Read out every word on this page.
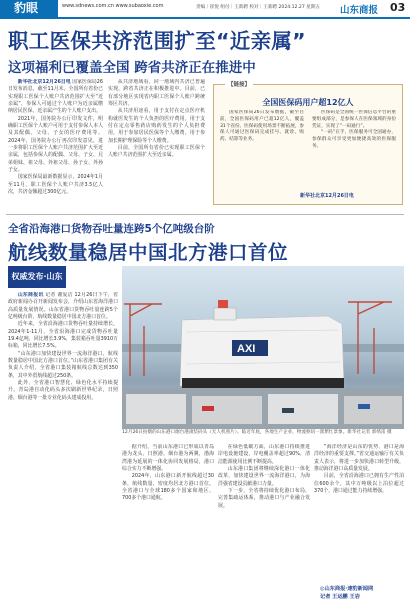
豹眼	www.sdnews.com.cn www.subaoxie.com	责编｜崔悦 组付｜王新聘 校对｜王新聘 2024.12.27 星期五 山东商报 03
职工医保共济范围扩至“近亲属”
这项福利已覆盖全国 跨省共济正在推进中

新华社北京12月26日电 国家医保局26日发布消息，截至11月末，全国所有省份已实现职工医保个人账户共济范围扩大至“近亲属”，参保人可通过个人账户为近亲属缴纳居民医保，近亲属产生的个人账户支出。

2021年，国务院办公厅印发文件，明确职工医保个人账户可用于支付参保人本人及其配偶、父母、子女的医疗费用等。2024年，国务院办公厅再次印发意见，进一步将职工医保个人账户共济范围扩大至近亲属，包括参保人的配偶、父母、子女、兄弟姐妹、祖父母、外祖父母、孙子女、外孙子女。

国家医保局最新数据显示，2024年1月至11月，职工医保个人账户共济3.5亿人次，共济金额超过300亿元。

从共济地域看，同一地域内共济已普遍实现，跨省共济正在积极推进中。目前，已有部分地区实现省内职工医保个人账户跨统筹区共济。

从共济用途看，用于支付在定点医疗机构就医发生的个人负担的医疗费用，用于支付在定点零售药店购药发生的个人负担费用，用于参加居民医保等个人缴费，用于参加长期护理保险等个人缴费。

目前，全国所有省份已实现职工医保个人账户共济范围扩大至近亲属。

【链接】
全国医保码用户超12亿人

国家医保局26日发布数据，截至目前，全国医保码用户已超12亿人，覆盖31个省份。医保码使用场景不断拓展，参保人可通过医保码完成挂号、就诊、购药、结算等业务。

医保码是全国统一医保信息平台的重要组成部分，是参保人在医保领域的身份凭证，实现了“一码通行”。

“一码”在手，医保服务可全国通办，参保群众可享受更加便捷高效的医保服务。

新华社北京12月26日电
全省沿海港口货物吞吐量连跨5个亿吨级台阶
航线数量稳居中国北方港口首位
权威发布·山东
AXI
12月26日拍摄的山东港口烟台港滚装码头（无人机照片）。临近年底，各地生产企业、物流枢纽一派繁忙景象。新华社记者 郭绪雷 摄

山东商报讯 记者 谢爱洁 12月26日下午，省政府新闻办召开新闻发布会，介绍山东省海洋港口高质量发展情况。山东省港口货物吞吐量连跨5个亿吨级台阶，航线数量稳居中国北方港口首位。

近年来，全省沿海港口货物吞吐量持续增长，2024年1-11月，全省沿海港口完成货物吞吐量19.4亿吨，同比增长3.9%，集装箱吞吐量3910万标箱，同比增长7.5%。

“山东港口加快建设世界一流海洋港口，航线数量稳居中国北方港口首位。”山东省港口集团有关负责人介绍，全省港口集装箱航线总数达到350条，其中外贸航线超过250条。

此外，全省港口智慧化、绿色化水平持续提升。青岛港自动化码头多次刷新世界纪录，日照港、烟台港等一批专业化码头建成投用。

据介绍，当前山东港口已形成以青岛港为龙头，日照港、烟台港为两翼，渤海湾港为延展的一体化协同发展格局，港口综合实力不断增强。

2024年，山东港口新开航线超过30条，航线数量、密度均居北方港口首位。全省港口与全球180多个国家和地区、700多个港口通航。

在绿色低碳方面，山东港口持续推进岸电设施建设，岸电覆盖率超过90%，清洁能源使用比例不断提高。

山东港口集团将继续深化港口一体化改革，加快建设世界一流海洋港口，为海洋强省建设贡献港口力量。

下一步，全省将持续优化港口布局，完善集疏运体系，推动港口与产业融合发展。

“海洋经济是山东的优势，港口是海洋经济的重要支撑。”省交通运输厅有关负责人表示，将进一步加快港口转型升级，推动海洋港口高质量发展。

目前，全省沿海港口已拥有生产性泊位600余个，其中万吨级以上泊位超过370个，港口通过能力持续增强。

◎山东商报·速豹新闻网
记者 王运鹏 王岩
